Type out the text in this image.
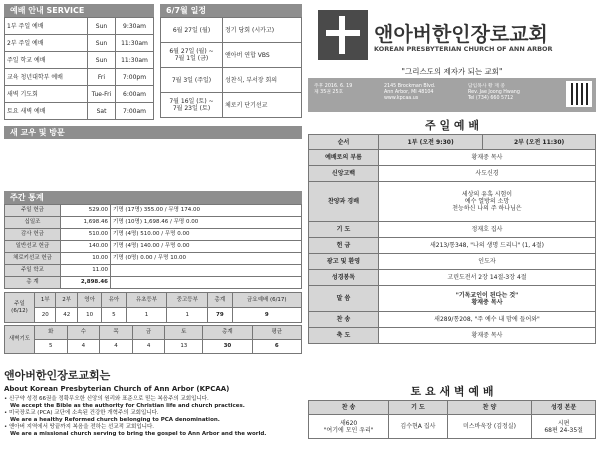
예배 안내 SERVICE
1부 주일 예배	Sun	9:30am
2부 주일 예배	Sun	11:30am
주일 학교 예배	Sun	11:30am
교육 청년대학부 예배	Fri	7:00pm
새벽 기도회	Tue-Fri	6:00am
토요 새벽 예배	Sat	7:00am
6/7월 일정
6월 27일 (월)	정기 당회 (시카고)
6월 27일 (월) ~
7월 1일 (금)	앤아버 연합 VBS
7월 3일 (주일)	성찬식, 부서장 회의
7월 16일 (토) ~
7월 23일 (토)	체로키 단기선교
새 교우 및 방문
주간 통계
주일 헌금	529.00	기명 (17명) 355.00 / 무명 174.00
십일조	1,698.46	기명 (10명) 1,698.46 / 무명 0.00
감사 헌금	510.00	기명 (4명) 510.00 / 무명 0.00
일반선교 헌금	140.00	기명 (4명) 140.00 / 무명 0.00
체로키선교 헌금	10.00	기명 (0명) 0.00 / 무명 10.00
주일 학교	11.00	
총 계	2,898.46	
주일
(6/12)	1부	2부	영아	유아	유초등부	중고등부	총계	금요예배 (6/17)
	20	42	10	5	1	1	79	9
새벽기도	화	수	목	금	토	총계	평균
	5	4	4	4	13	30	6
앤아버한인장로교회는
About Korean Presbyterian Church of Ann Arbor (KPCAA)

• 신구약 성경 66권을 정확무오한 신앙의 원리와 표준으로 믿는 복음주의 교회입니다.

We accept the Bible as the authority for Christian life and church practices.

• 미국장로교 (PCA) 교단에 소속된 건강한 개혁주의 교회입니다.

We are a healthy Reformed church belonging to PCA denomination.

• 앤아버 지역에서 땅끝까지 복음을 전하는 선교적 교회입니다.

We are a missional church serving to bring the gospel to Ann Arbor and the world.

앤아버한인장로교회
KOREAN PRESBYTERIAN CHURCH OF ANN ARBOR
"그리스도의 제자가 되는 교회"
주후 2016. 6. 19
제 35권 25호
2145 Brockman Blvd.
Ann Arbor, MI 48104
www.kpcaa.us
담임목사 황 재 중
Rev. Jae Joong Hwang
Tel (734) 660 5712
주 일 예 배
순서	1부 (오전 9:30)	2부 (오전 11:30)
예배로의 부름	황재중 목사	
신앙고백	사도신경	
찬양과 경배	세상의 유혹 시험이
예수 열방의 소망
천능하신 나의 주 하나님은	
기 도	정재호 집사	
헌 금	새213/통348, "나의 생명 드리니" (1, 4절)	
광고 및 환영	인도자	
성경봉독	고린도전서 2장 14절-3장 4절	
말 씀	"기독교인이 된다는 것"
황재중 목사	
찬 송	새289/통208, "주 예수 내 맘에 들어와"	
축 도	황재중 목사	
토 요 새 벽 예 배
찬 송	기 도	찬 양	성경 본문
새620
"여기에 모인 우리"	김수현A 집사	미스바욱장 (김정실)	시편
68편 24-35절
